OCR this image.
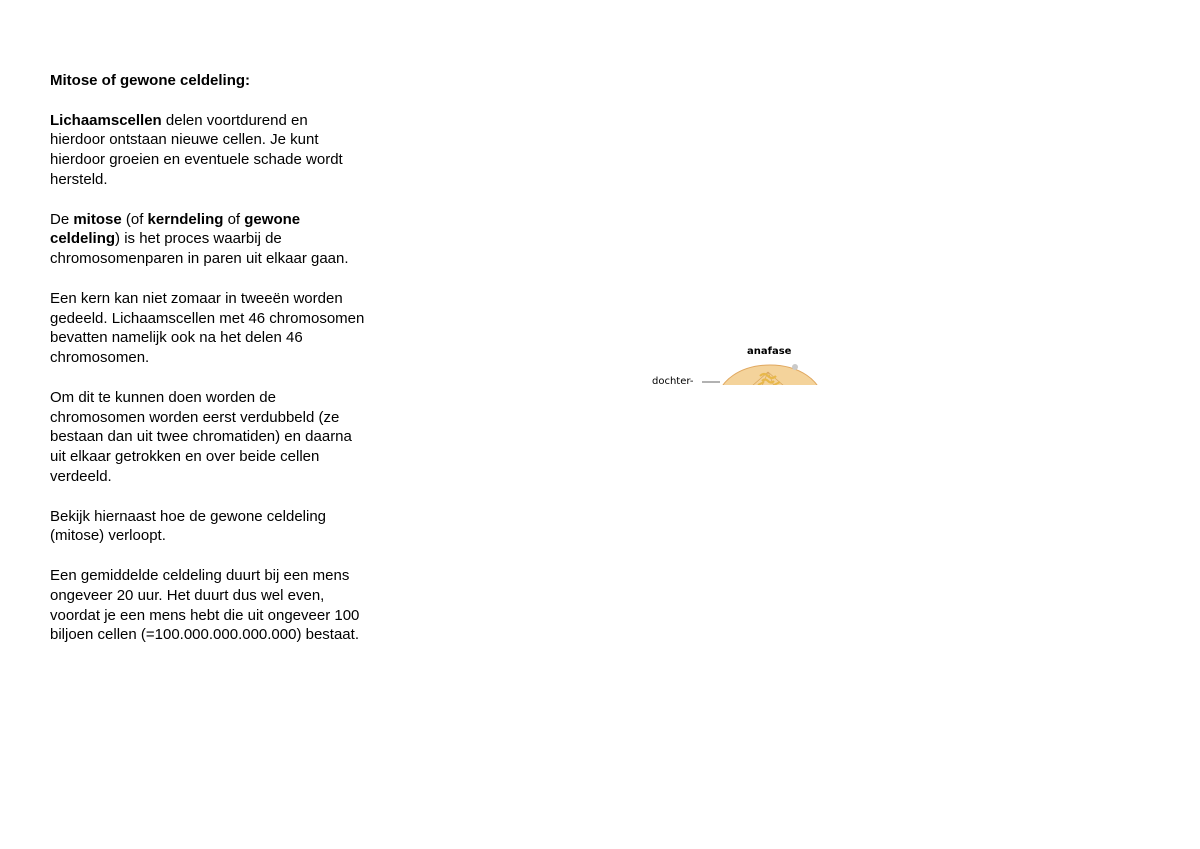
Mitose of gewone celdeling:

Lichaamscellen delen voortdurend en hierdoor ontstaan nieuwe cellen. Je kunt hierdoor groeien en eventuele schade wordt hersteld.

De mitose (of kerndeling of gewone celdeling) is het proces waarbij de chromosomenparen in paren uit elkaar gaan.

Een kern kan niet zomaar in tweeën worden gedeeld. Lichaamscellen met 46 chromosomen bevatten namelijk ook na het delen 46 chromosomen.

Om dit te kunnen doen worden de chromosomen worden eerst verdubbeld (ze bestaan dan uit twee chromatiden) en daarna uit elkaar getrokken en over beide cellen verdeeld.

Bekijk hiernaast hoe de gewone celdeling (mitose) verloopt.

Een gemiddelde celdeling duurt bij een mens ongeveer 20 uur. Het duurt dus wel even, voordat je een mens hebt die uit ongeveer 100 biljoen cellen (=100.000.000.000.000) bestaat.

anafase
dochter-
